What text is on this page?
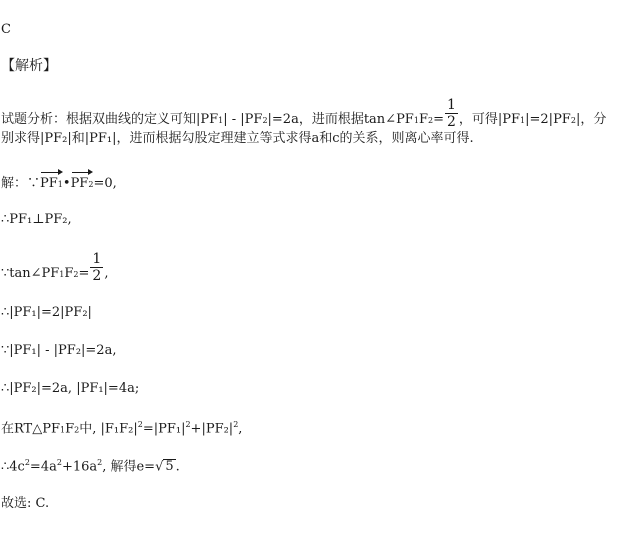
C
【解析】
试题分析：根据双曲线的定义可知|PF1| - |PF2|=2a，进而根据tan∠PF1F2= $\frac{1}{2}$ ，可得|PF1|=2|PF2|，分
别求得|PF₂|和|PF₁|，进而根据勾股定理建立等式求得a和c的关系，则离心率可得.
解：∵PF1•PF2=0,
∴PF₁⊥PF₂,
∵tan∠PF1F2= $\frac{1}{2}$ ,
∴|PF₁|=2|PF₂|
∵|PF₁| - |PF₂|=2a,
∴|PF₂|=2a, |PF₁|=4a;
在RT△PF1F2中, $|F_1F_2|^2=|PF_1|^2+|PF_2|^2$,
$\therefore 4c^2=4a^2+16a^2$, 解得e=√ 5 .
故选: C.
